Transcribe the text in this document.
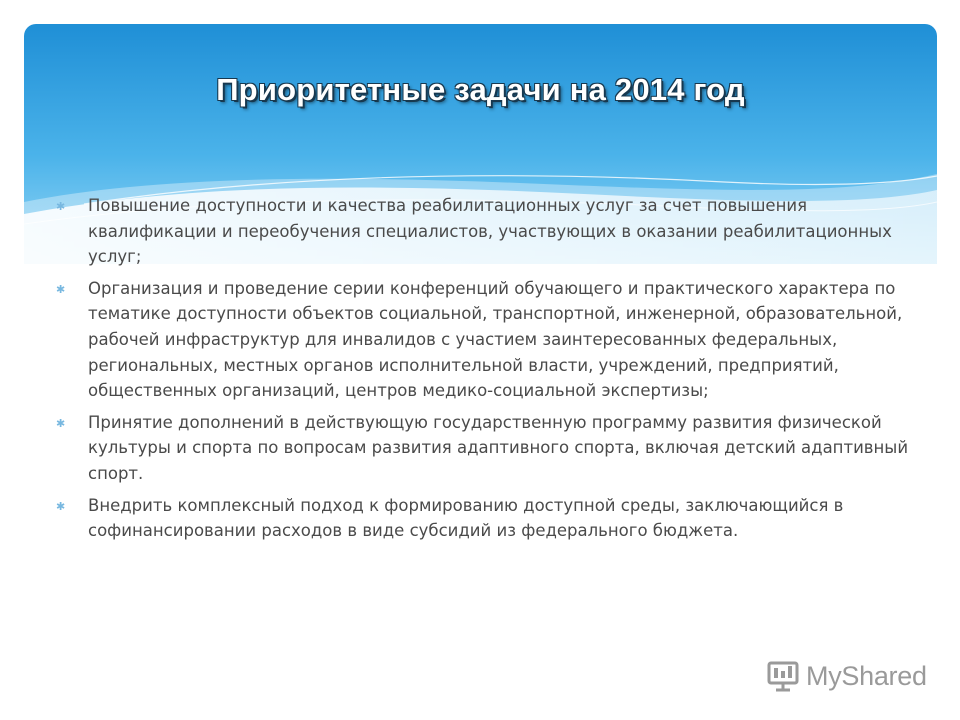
Приоритетные задачи на 2014 год
✱ Повышение доступности и качества реабилитационных услуг за счет повышения квалификации и переобучения специалистов, участвующих в оказании реабилитационных услуг;
✱ Организация и проведение серии конференций обучающего и практического характера по тематике доступности объектов социальной, транспортной, инженерной, образовательной, рабочей инфраструктур для инвалидов с участием заинтересованных федеральных, региональных, местных органов исполнительной власти, учреждений, предприятий, общественных организаций, центров медико-социальной экспертизы;
✱ Принятие дополнений в действующую государственную программу развития физической культуры и спорта по вопросам развития адаптивного спорта, включая детский адаптивный спорт.
✱ Внедрить комплексный подход к формированию доступной среды, заключающийся в софинансировании расходов в виде субсидий из федерального бюджета.
MyShared
